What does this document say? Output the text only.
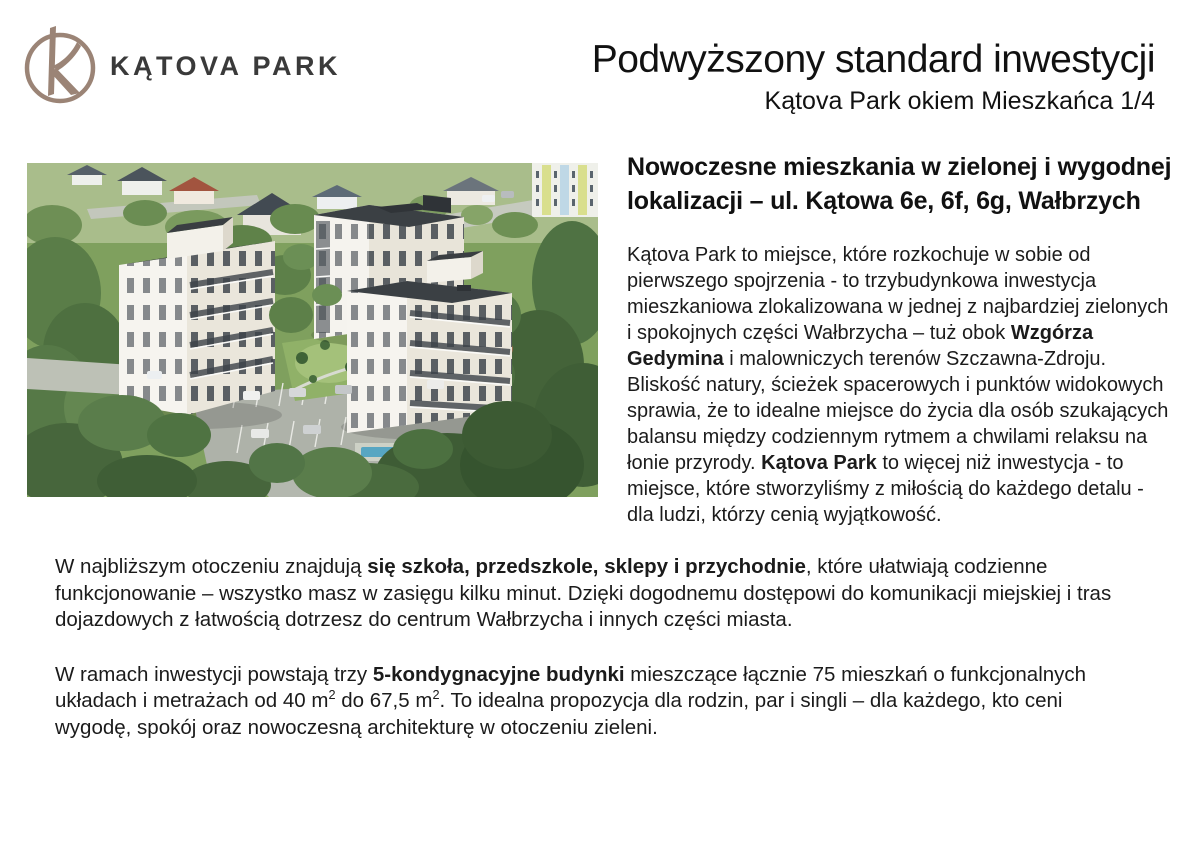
KĄTOVA PARK	Podwyższony standard inwestycji
Kątova Park okiem Mieszkańca 1/4
Nowoczesne mieszkania w zielonej i wygodnej lokalizacji – ul. Kątowa 6e, 6f, 6g, Wałbrzych

Kątova Park to miejsce, które rozkochuje w sobie od pierwszego spojrzenia - to trzybudynkowa inwestycja mieszkaniowa zlokalizowana w jednej z najbardziej zielonych i spokojnych części Wałbrzycha – tuż obok Wzgórza Gedymina i malowniczych terenów Szczawna-Zdroju. Bliskość natury, ścieżek spacerowych i punktów widokowych sprawia, że to idealne miejsce do życia dla osób szukających balansu między codziennym rytmem a chwilami relaksu na łonie przyrody. Kątova Park to więcej niż inwestycja - to miejsce, które stworzyliśmy z miłością do każdego detalu - dla ludzi, którzy cenią wyjątkowość.

W najbliższym otoczeniu znajdują się szkoła, przedszkole, sklepy i przychodnie, które ułatwiają codzienne funkcjonowanie – wszystko masz w zasięgu kilku minut. Dzięki dogodnemu dostępowi do komunikacji miejskiej i tras dojazdowych z łatwością dotrzesz do centrum Wałbrzycha i innych części miasta.

W ramach inwestycji powstają trzy 5-kondygnacyjne budynki mieszczące łącznie 75 mieszkań o funkcjonalnych układach i metrażach od 40 $m^2$ do 67,5 $m^2$. To idealna propozycja dla rodzin, par i singli – dla każdego, kto ceni wygodę, spokój oraz nowoczesną architekturę w otoczeniu zieleni.
